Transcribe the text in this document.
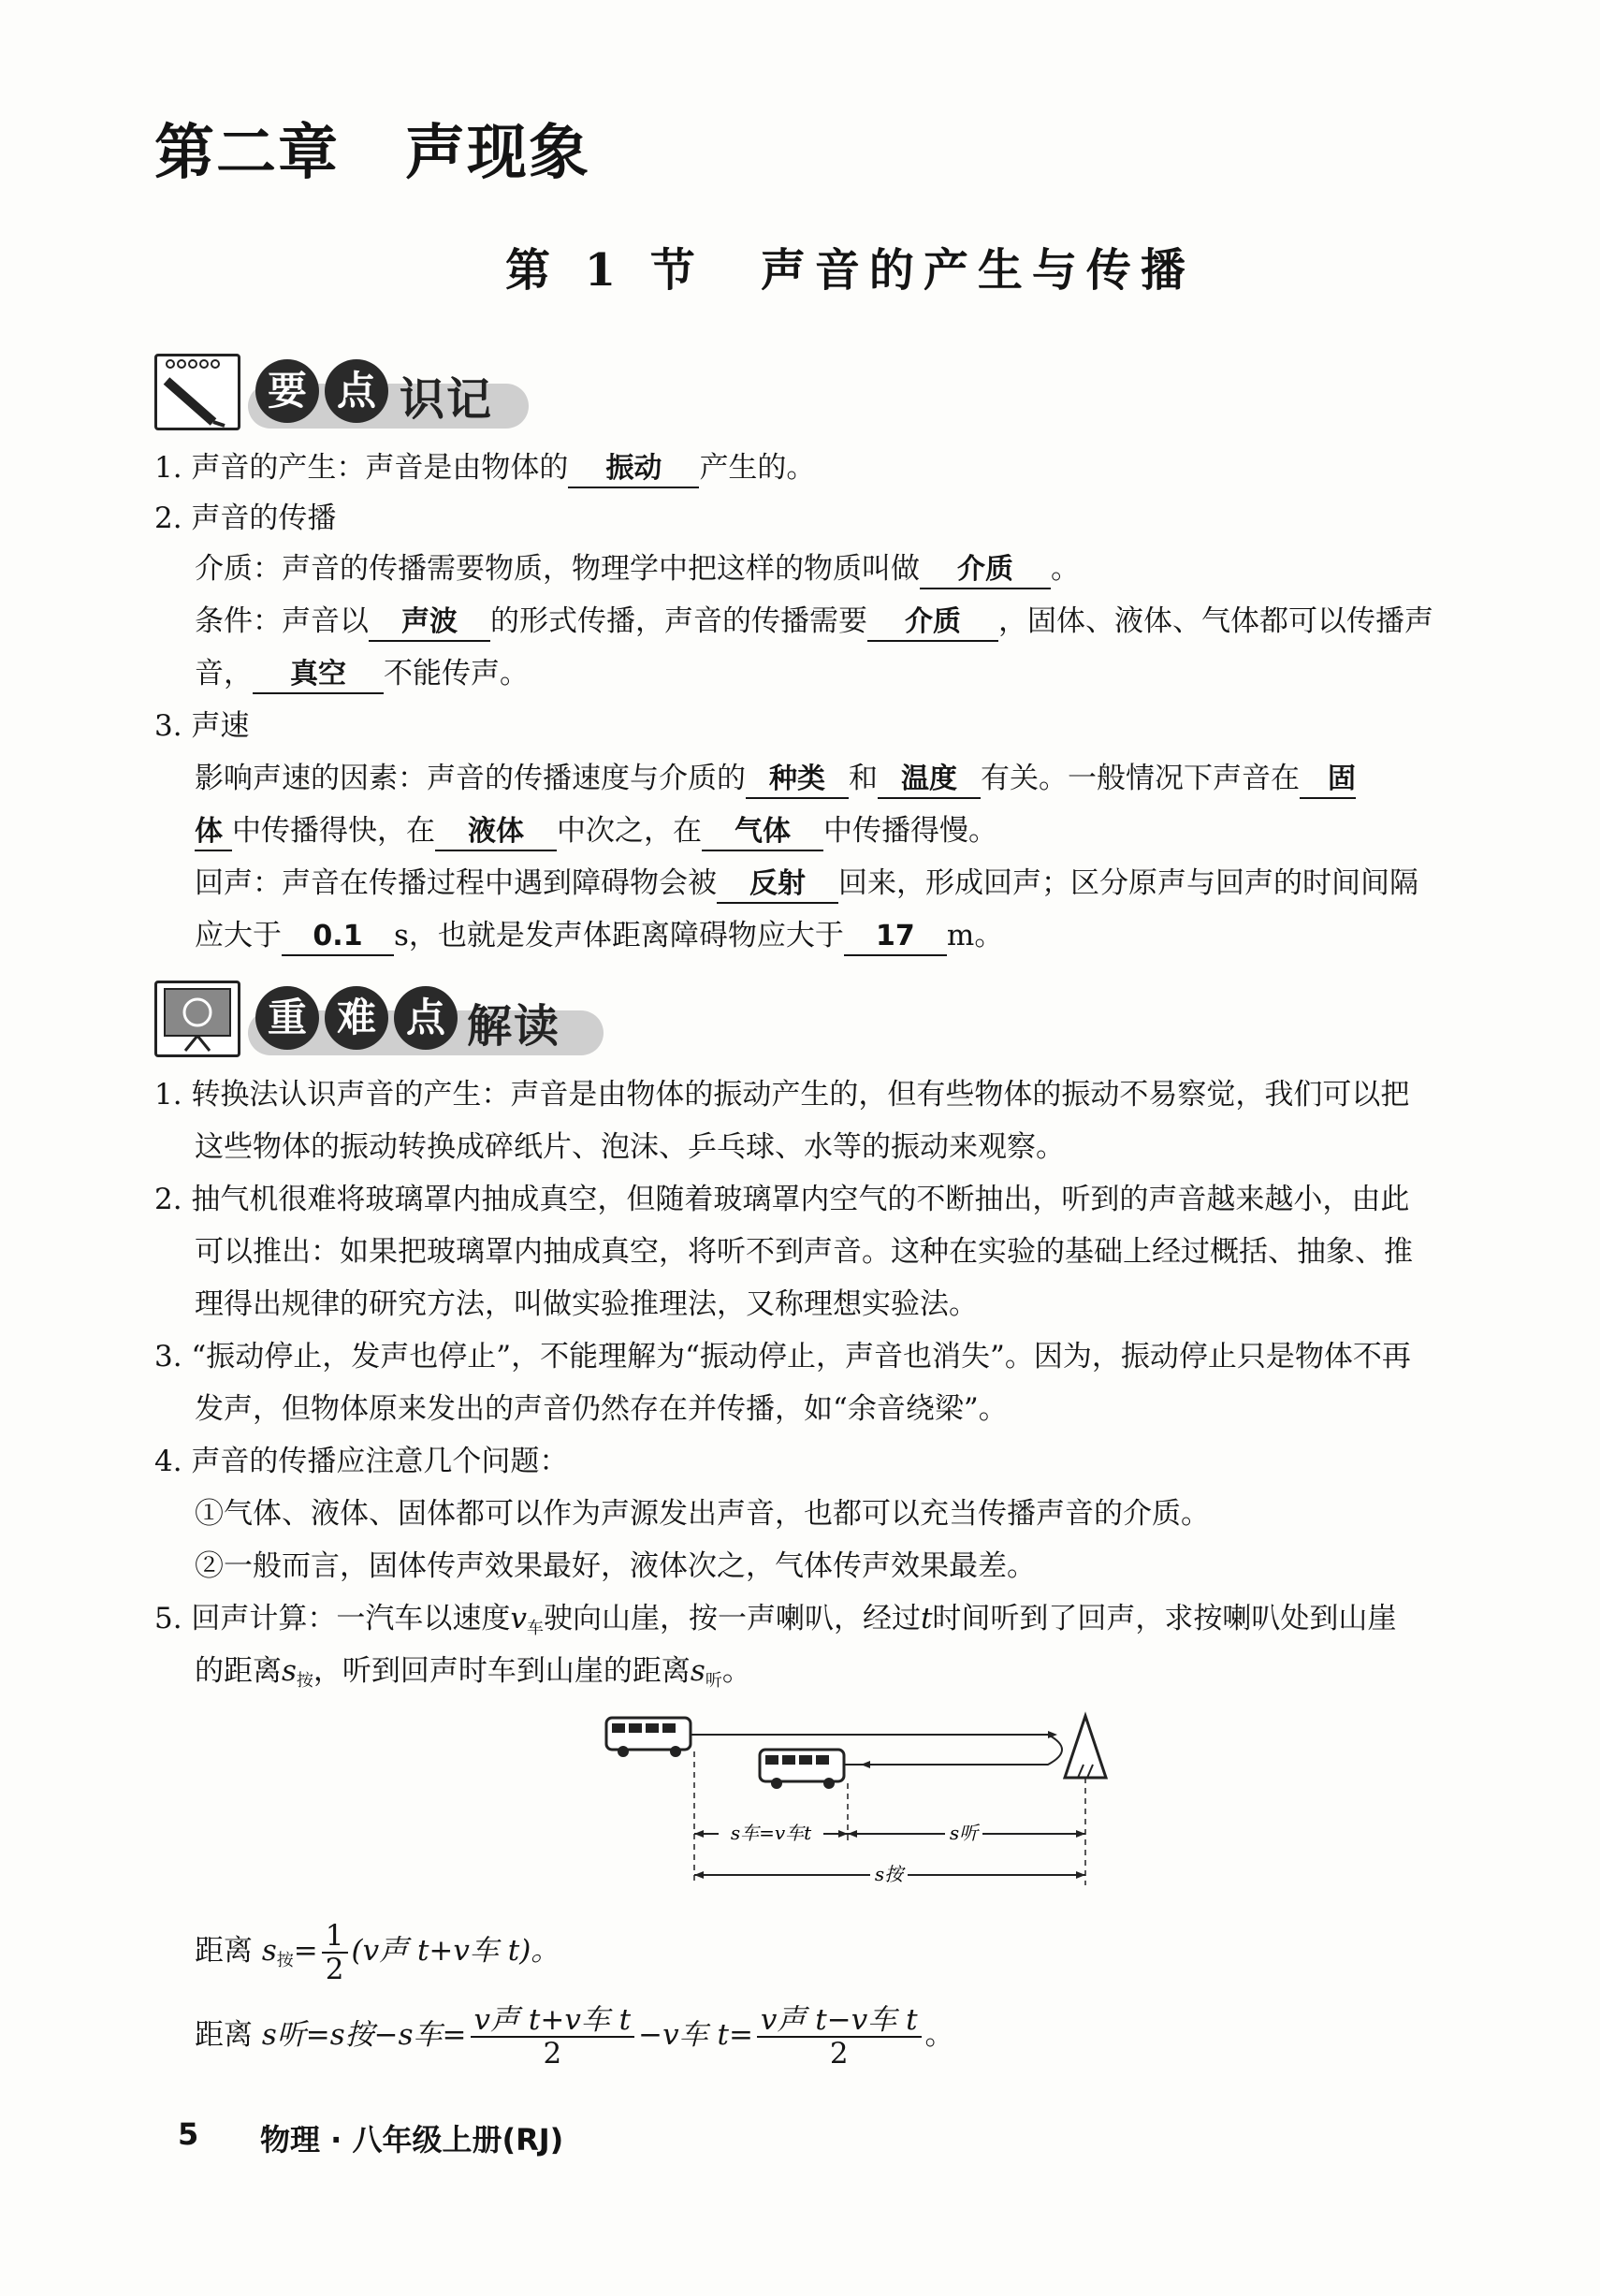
第二章 声现象
第 1 节 声音的产生与传播
要 点 识记
1. 声音的产生：声音是由物体的 振动 产生的。
2. 声音的传播
介质：声音的传播需要物质，物理学中把这样的物质叫做 介质 。
条件：声音以 声波 的形式传播，声音的传播需要 介质 ，固体、液体、气体都可以传播声
音， 真空 不能传声。
3. 声速
影响声速的因素：声音的传播速度与介质的 种类 和 温度 有关。一般情况下声音在 固
体 中传播得快，在 液体 中次之，在 气体 中传播得慢。
回声：声音在传播过程中遇到障碍物会被 反射 回来，形成回声；区分原声与回声的时间间隔
应大于 0.1 s，也就是发声体距离障碍物应大于 17 m。
重 难 点 解读
1. 转换法认识声音的产生：声音是由物体的振动产生的，但有些物体的振动不易察觉，我们可以把
这些物体的振动转换成碎纸片、泡沫、乒乓球、水等的振动来观察。
2. 抽气机很难将玻璃罩内抽成真空，但随着玻璃罩内空气的不断抽出，听到的声音越来越小，由此
可以推出：如果把玻璃罩内抽成真空，将听不到声音。这种在实验的基础上经过概括、抽象、推
理得出规律的研究方法，叫做实验推理法，又称理想实验法。
3. “振动停止，发声也停止”，不能理解为“振动停止，声音也消失”。因为，振动停止只是物体不再
发声，但物体原来发出的声音仍然存在并传播，如“余音绕梁”。
4. 声音的传播应注意几个问题：
①气体、液体、固体都可以作为声源发出声音，也都可以充当传播声音的介质。
②一般而言，固体传声效果最好，液体次之，气体传声效果最差。
5. 回声计算：一汽车以速度$v_车$驶向山崖，按一声喇叭，经过t时间听到了回声，求按喇叭处到山崖
的距离$s_按$，听到回声时车到山崖的距离$s_听$。
s车=v车t	s听
s按
距离 $s_按= \frac{1}{2} (v$声 t+v车 t)。
距离 s听=s按−s车= $\frac{\text{v声 t+v车 t}}{2} -v$车 $t= \frac{\text{v声 t−v车 t}}{2}$ 。
5 物理 · 八年级上册(RJ)
